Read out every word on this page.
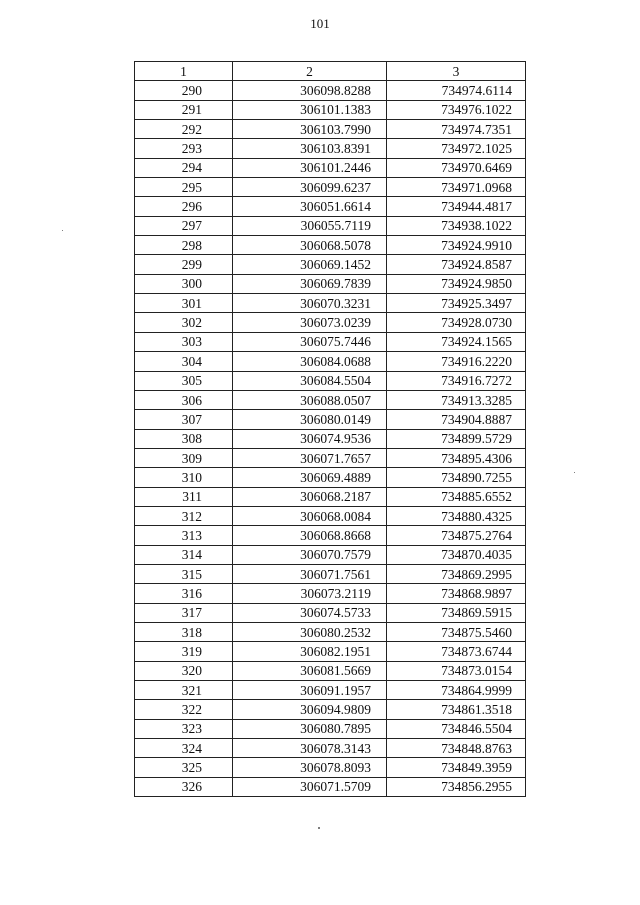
101
1	2	3
290	306098.8288	734974.6114
291	306101.1383	734976.1022
292	306103.7990	734974.7351
293	306103.8391	734972.1025
294	306101.2446	734970.6469
295	306099.6237	734971.0968
296	306051.6614	734944.4817
297	306055.7119	734938.1022
298	306068.5078	734924.9910
299	306069.1452	734924.8587
300	306069.7839	734924.9850
301	306070.3231	734925.3497
302	306073.0239	734928.0730
303	306075.7446	734924.1565
304	306084.0688	734916.2220
305	306084.5504	734916.7272
306	306088.0507	734913.3285
307	306080.0149	734904.8887
308	306074.9536	734899.5729
309	306071.7657	734895.4306
310	306069.4889	734890.7255
311	306068.2187	734885.6552
312	306068.0084	734880.4325
313	306068.8668	734875.2764
314	306070.7579	734870.4035
315	306071.7561	734869.2995
316	306073.2119	734868.9897
317	306074.5733	734869.5915
318	306080.2532	734875.5460
319	306082.1951	734873.6744
320	306081.5669	734873.0154
321	306091.1957	734864.9999
322	306094.9809	734861.3518
323	306080.7895	734846.5504
324	306078.3143	734848.8763
325	306078.8093	734849.3959
326	306071.5709	734856.2955
